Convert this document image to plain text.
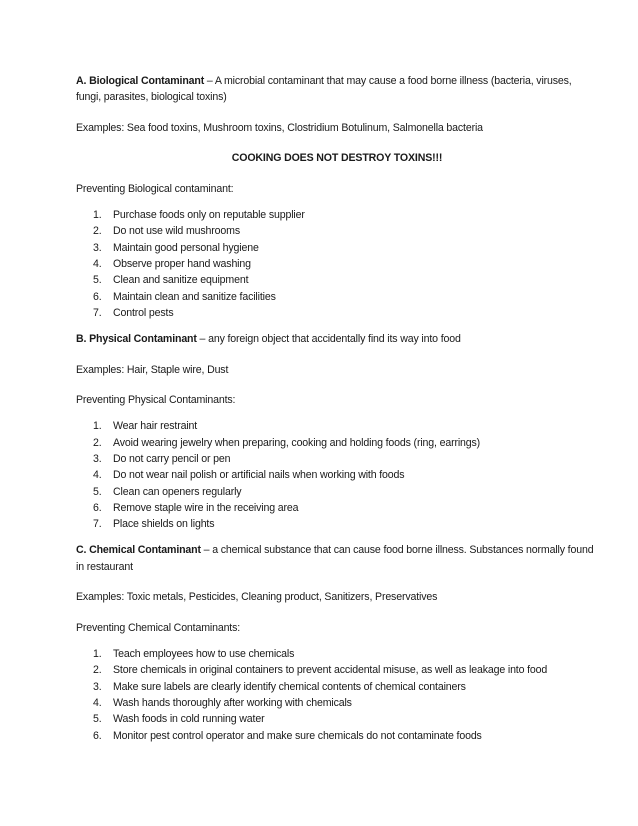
A. Biological Contaminant – A microbial contaminant that may cause a food borne illness (bacteria, viruses, fungi, parasites, biological toxins)

Examples: Sea food toxins, Mushroom toxins, Clostridium Botulinum, Salmonella bacteria

COOKING DOES NOT DESTROY TOXINS!!!

Preventing Biological contaminant:

1. Purchase foods only on reputable supplier
2. Do not use wild mushrooms
3. Maintain good personal hygiene
4. Observe proper hand washing
5. Clean and sanitize equipment
6. Maintain clean and sanitize facilities
7. Control pests

B. Physical Contaminant – any foreign object that accidentally find its way into food

Examples: Hair, Staple wire, Dust

Preventing Physical Contaminants:

1. Wear hair restraint
2. Avoid wearing jewelry when preparing, cooking and holding foods (ring, earrings)
3. Do not carry pencil or pen
4. Do not wear nail polish or artificial nails when working with foods
5. Clean can openers regularly
6. Remove staple wire in the receiving area
7. Place shields on lights

C. Chemical Contaminant – a chemical substance that can cause food borne illness. Substances normally found in restaurant

Examples: Toxic metals, Pesticides, Cleaning product, Sanitizers, Preservatives

Preventing Chemical Contaminants:

1. Teach employees how to use chemicals
2. Store chemicals in original containers to prevent accidental misuse, as well as leakage into food
3. Make sure labels are clearly identify chemical contents of chemical containers
4. Wash hands thoroughly after working with chemicals
5. Wash foods in cold running water
6. Monitor pest control operator and make sure chemicals do not contaminate foods
